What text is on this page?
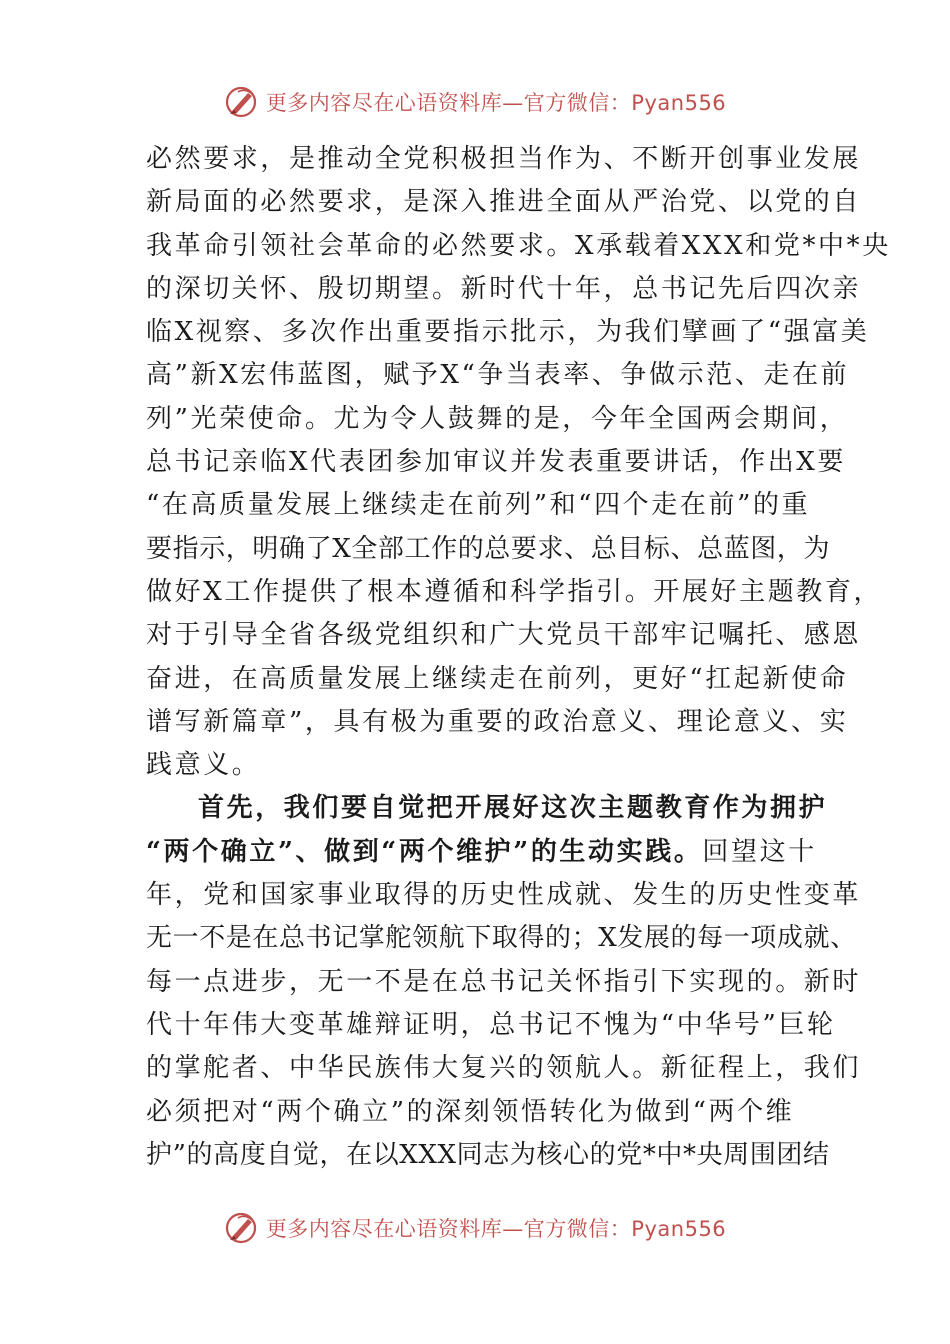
更多内容尽在心语资料库—官方微信：Pyan556
必然要求，是推动全党积极担当作为、不断开创事业发展
新局面的必然要求，是深入推进全面从严治党、以党的自
我革命引领社会革命的必然要求。X承载着XXX和党*中*央
的深切关怀、殷切期望。新时代十年，总书记先后四次亲
临X视察、多次作出重要指示批示，为我们擘画了“强富美
高”新X宏伟蓝图，赋予X“争当表率、争做示范、走在前
列”光荣使命。尤为令人鼓舞的是，今年全国两会期间，
总书记亲临X代表团参加审议并发表重要讲话，作出X要
“在高质量发展上继续走在前列”和“四个走在前”的重
要指示，明确了X全部工作的总要求、总目标、总蓝图，为
做好X工作提供了根本遵循和科学指引。开展好主题教育，
对于引导全省各级党组织和广大党员干部牢记嘱托、感恩
奋进，在高质量发展上继续走在前列，更好“扛起新使命
谱写新篇章”，具有极为重要的政治意义、理论意义、实
践意义。
首先，我们要自觉把开展好这次主题教育作为拥护
“两个确立”、做到“两个维护”的生动实践。回望这十
年，党和国家事业取得的历史性成就、发生的历史性变革
无一不是在总书记掌舵领航下取得的；X发展的每一项成就、
每一点进步，无一不是在总书记关怀指引下实现的。新时
代十年伟大变革雄辩证明，总书记不愧为“中华号”巨轮
的掌舵者、中华民族伟大复兴的领航人。新征程上，我们
必须把对“两个确立”的深刻领悟转化为做到“两个维
护”的高度自觉，在以XXX同志为核心的党*中*央周围团结
更多内容尽在心语资料库—官方微信：Pyan556
